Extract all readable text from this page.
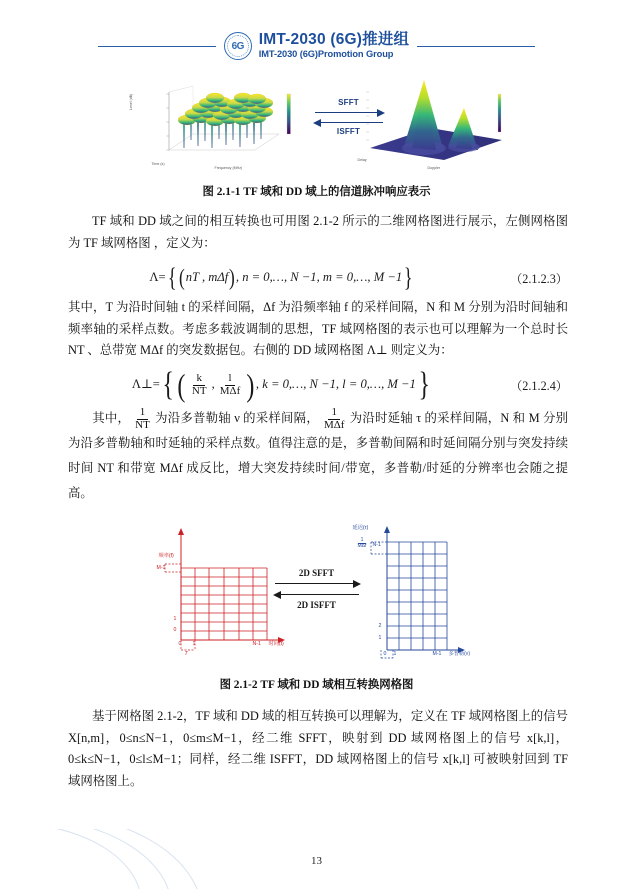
6G IMT-2030 (6G)推进组
IMT-2030 (6G)Promotion Group
Level (dB)
Time (s)
Frequency (MHz)
SFFT
ISFFT
Delay
Doppler
图 2.1-1 TF 域和 DD 域上的信道脉冲响应表示
TF 域和 DD 域之间的相互转换也可用图 2.1-2 所示的二维网格图进行展示，左侧网格图为 TF 域网格图 ，定义为：
Λ={ (nT , mΔf), n = 0,…, N −1, m = 0,…, M −1}	（2.1.2.3）
其中，T 为沿时间轴 t 的采样间隔，Δf 为沿频率轴 f 的采样间隔，N 和 M 分别为沿时间轴和频率轴的采样点数。考虑多载波调制的思想，TF 域网格图的表示也可以理解为一个总时长 NT 、总带宽 MΔf 的突发数据包。右侧的 DD 域网格图 Λ⊥ 则定义为：
Λ⊥={ ( $\frac{k}{NT}$ , $\frac{l}{\text{MΔf}}$ ), k = 0,…, N −1, l = 0,…, M −1}	（2.1.2.4）
其中， $\frac{1}{NT}$ 为沿多普勒轴 ν 的采样间隔， $\frac{1}{\text{MΔf}}$ 为沿时延轴 τ 的采样间隔，N 和 M 分别为沿多普勒轴和时延轴的采样点数。值得注意的是，多普勒间隔和时延间隔分别与突发持续时间 NT 和带宽 MΔf 成反比，增大突发持续时间/带宽，多普勒/时延的分辨率也会随之提高。
频率(f)
M-1
1
0
0 1	N-1 时间(t)
T
2D SFFT
2D ISFFT
延迟(τ)
N-1
1
MΔf
2
1
0 1	M-1 多普勒(ν)
图 2.1-2 TF 域和 DD 域相互转换网格图
基于网格图 2.1-2，TF 域和 DD 域的相互转换可以理解为，定义在 TF 域网格图上的信号 X[n,m]，0≤n≤N−1，0≤m≤M−1，经二维 SFFT，映射到 DD 域网格图上的信号 x[k,l]，0≤k≤N−1，0≤l≤M−1；同样，经二维 ISFFT，DD 域网格图上的信号 x[k,l] 可被映射回到 TF 域网格图上。
13
